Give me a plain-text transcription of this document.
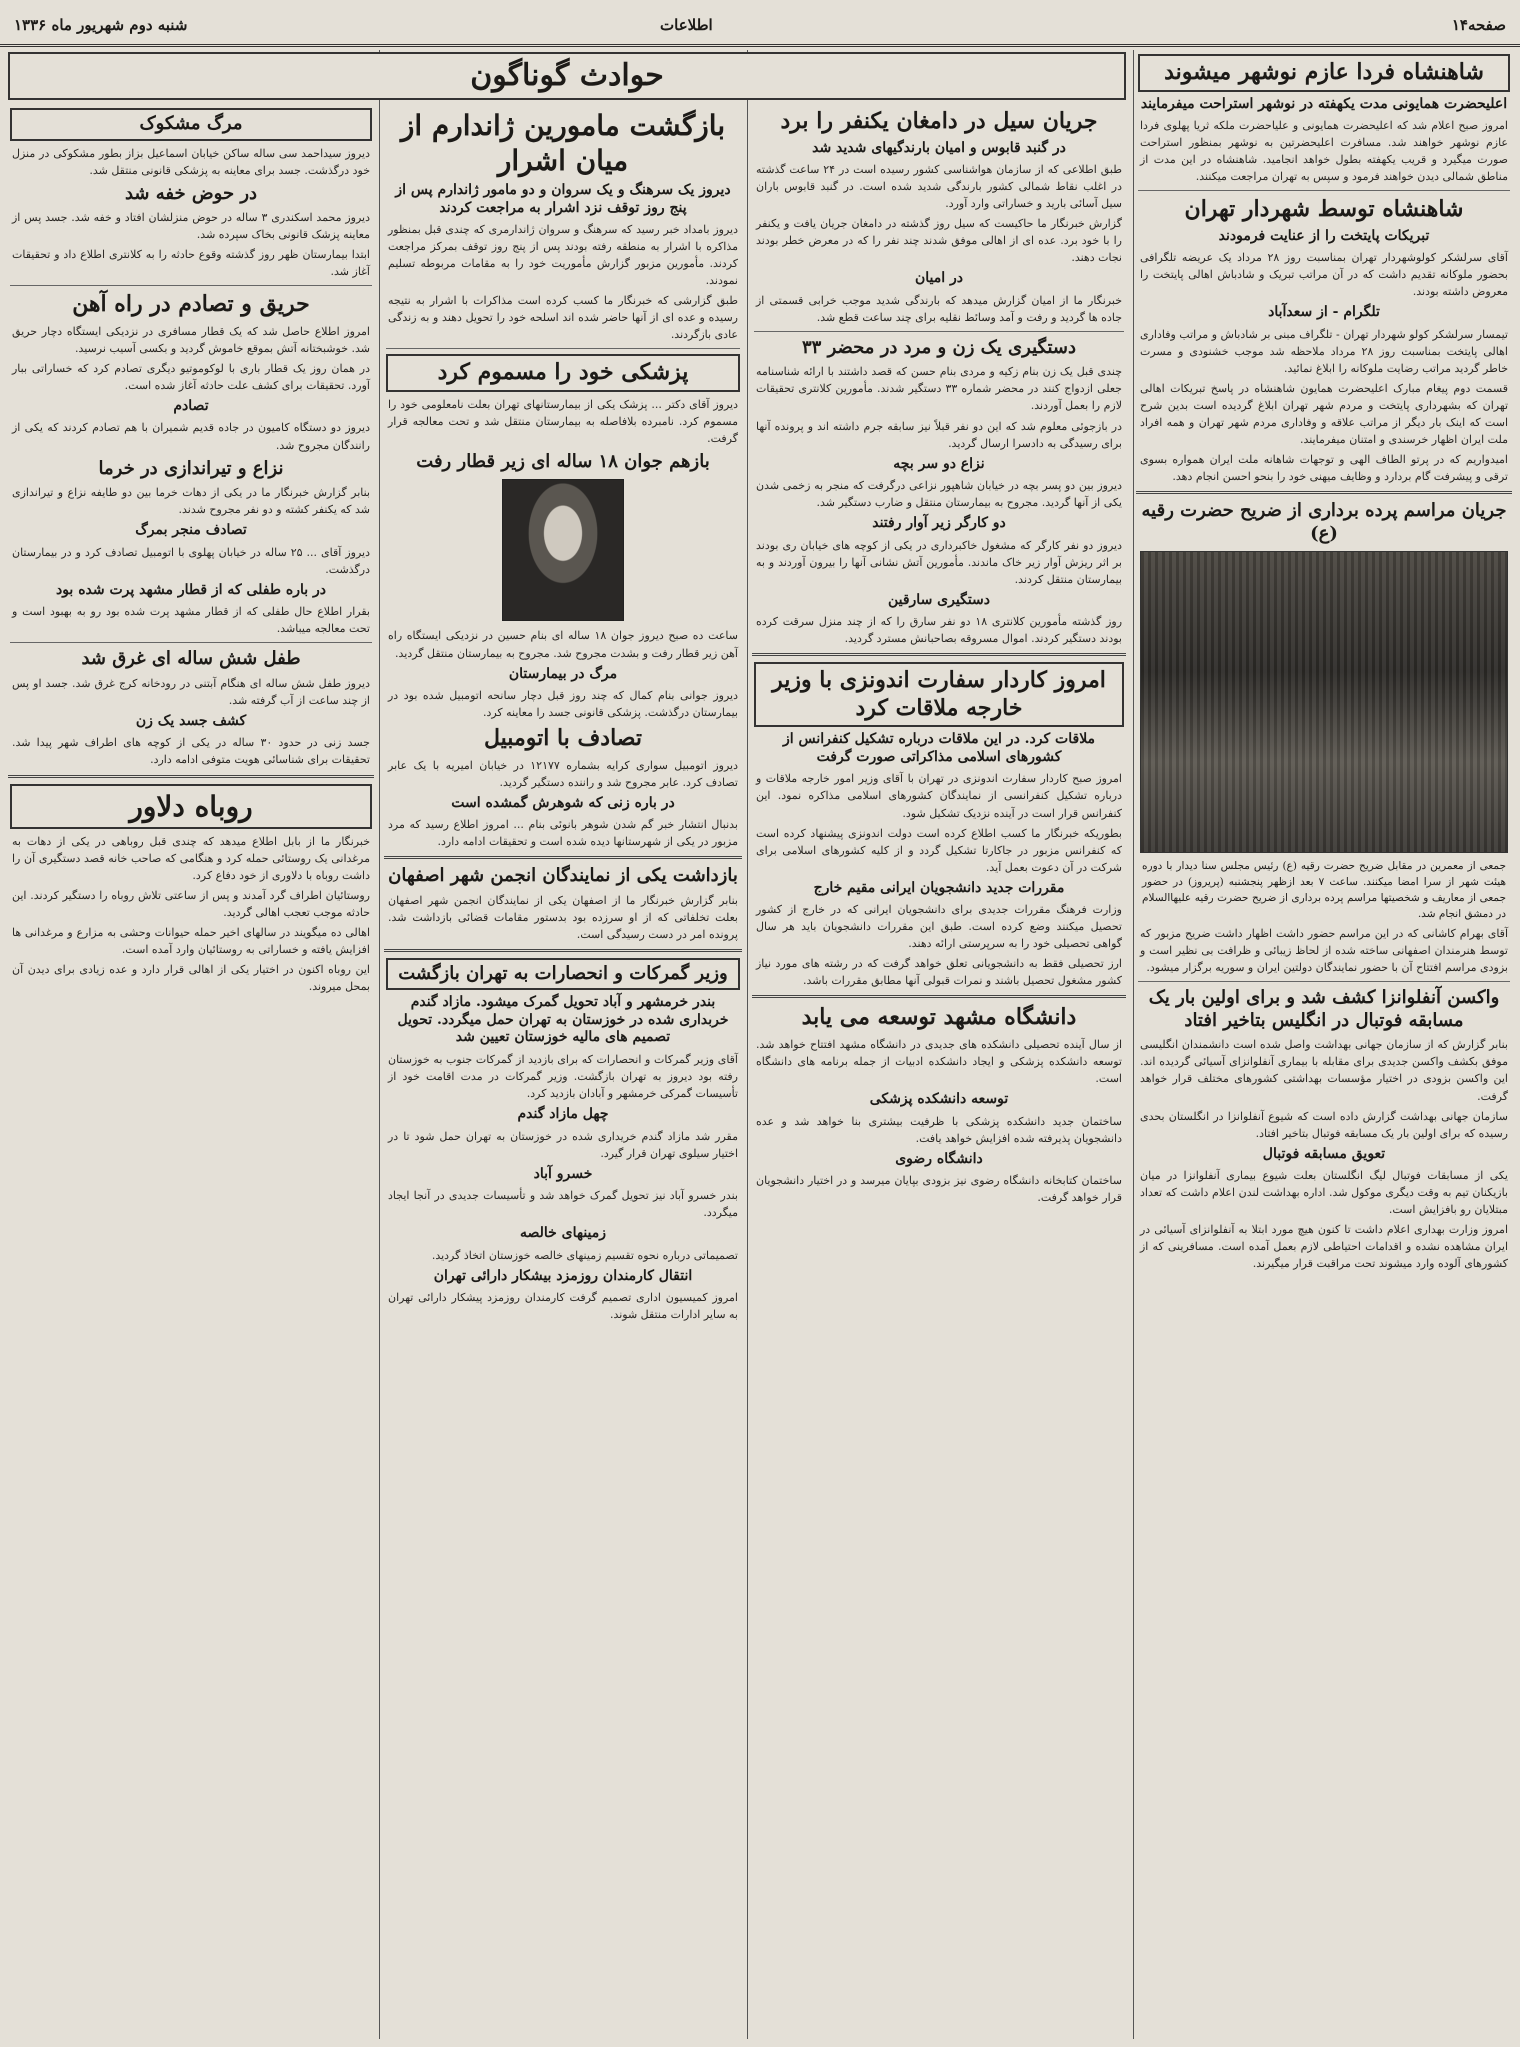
صفحه۱۴
اطلاعات
شنبه دوم شهریور ماه ۱۳۳۶
شاهنشاه فردا عازم نوشهر میشوند
اعلیحضرت همایونی مدت یکهفته در نوشهر استراحت میفرمایند
امروز صبح اعلام شد که اعلیحضرت همایونی و علیاحضرت ملکه ثریا پهلوی فردا عازم نوشهر خواهند شد. مسافرت اعلیحضرتین به نوشهر بمنظور استراحت صورت میگیرد و قریب یکهفته بطول خواهد انجامید. شاهنشاه در این مدت از مناطق شمالی دیدن خواهند فرمود و سپس به تهران مراجعت میکنند.
شاهنشاه توسط شهردار تهران
تبریکات پایتخت را از عنایت فرمودند
آقای سرلشکر کولوشهردار تهران بمناسبت روز ۲۸ مرداد یک عریضه تلگرافی بحضور ملوکانه تقدیم داشت که در آن مراتب تبریک و شادباش اهالی پایتخت را معروض داشته بودند.
تلگرام - از سعدآباد
تیمسار سرلشکر کولو شهردار تهران - تلگراف مبنی بر شادباش و مراتب وفاداری اهالی پایتخت بمناسبت روز ۲۸ مرداد ملاحظه شد موجب خشنودی و مسرت خاطر گردید مراتب رضایت ملوکانه را ابلاغ نمائید.
قسمت دوم پیغام مبارک اعلیحضرت همایون شاهنشاه در پاسخ تبریکات اهالی تهران که بشهرداری پایتخت و مردم شهر تهران ابلاغ گردیده است بدین شرح است که اینک بار دیگر از مراتب علاقه و وفاداری مردم شهر تهران و همه افراد ملت ایران اظهار خرسندی و امتنان میفرمایند.
امیدواریم که در پرتو الطاف الهی و توجهات شاهانه ملت ایران همواره بسوی ترقی و پیشرفت گام بردارد و وظایف میهنی خود را بنحو احسن انجام دهد.
جریان مراسم پرده برداری از ضریح حضرت رقیه (ع)
جمعی از معمرین در مقابل ضریح حضرت رقیه (ع) رئیس مجلس سنا دیدار با دوره هیئت شهر از سرا امضا میکنند. ساعت ۷ بعد ازظهر پنجشنبه (پریروز) در حضور جمعی از معاریف و شخصیتها مراسم پرده برداری از ضریح حضرت رقیه علیهاالسلام در دمشق انجام شد.
آقای بهرام کاشانی که در این مراسم حضور داشت اظهار داشت ضریح مزبور که توسط هنرمندان اصفهانی ساخته شده از لحاظ زیبائی و ظرافت بی نظیر است و بزودی مراسم افتتاح آن با حضور نمایندگان دولتین ایران و سوریه برگزار میشود.
واکسن آنفلوانزا کشف شد و برای اولین بار یک مسابقه فوتبال در انگلیس بتاخیر افتاد
بنابر گزارش که از سازمان جهانی بهداشت واصل شده است دانشمندان انگلیسی موفق بکشف واکسن جدیدی برای مقابله با بیماری آنفلوانزای آسیائی گردیده اند. این واکسن بزودی در اختیار مؤسسات بهداشتی کشورهای مختلف قرار خواهد گرفت.
سازمان جهانی بهداشت گزارش داده است که شیوع آنفلوانزا در انگلستان بحدی رسیده که برای اولین بار یک مسابقه فوتبال بتاخیر افتاد.
تعویق مسابقه فوتبال
یکی از مسابقات فوتبال لیگ انگلستان بعلت شیوع بیماری آنفلوانزا در میان بازیکنان تیم به وقت دیگری موکول شد. اداره بهداشت لندن اعلام داشت که تعداد مبتلایان رو بافزایش است.
امروز وزارت بهداری اعلام داشت تا کنون هیچ مورد ابتلا به آنفلوانزای آسیائی در ایران مشاهده نشده و اقدامات احتیاطی لازم بعمل آمده است. مسافرینی که از کشورهای آلوده وارد میشوند تحت مراقبت قرار میگیرند.
حوادث گوناگون
جریان سیل در دامغان یکنفر را برد
در گنبد قابوس و امیان بارندگیهای شدید شد
طبق اطلاعی که از سازمان هواشناسی کشور رسیده است در ۲۴ ساعت گذشته در اغلب نقاط شمالی کشور بارندگی شدید شده است. در گنبد قابوس باران سیل آسائی بارید و خساراتی وارد آورد.
گزارش خبرنگار ما حاکیست که سیل روز گذشته در دامغان جریان یافت و یکنفر را با خود برد. عده ای از اهالی موفق شدند چند نفر را که در معرض خطر بودند نجات دهند.
در امیان
خبرنگار ما از امیان گزارش میدهد که بارندگی شدید موجب خرابی قسمتی از جاده ها گردید و رفت و آمد وسائط نقلیه برای چند ساعت قطع شد.
دستگیری یک زن و مرد در محضر ۳۳
چندی قبل یک زن بنام زکیه و مردی بنام حسن که قصد داشتند با ارائه شناسنامه جعلی ازدواج کنند در محضر شماره ۳۳ دستگیر شدند. مأمورین کلانتری تحقیقات لازم را بعمل آوردند.
در بازجوئی معلوم شد که این دو نفر قبلاً نیز سابقه جرم داشته اند و پرونده آنها برای رسیدگی به دادسرا ارسال گردید.
نزاع دو سر بچه
دیروز بین دو پسر بچه در خیابان شاهپور نزاعی درگرفت که منجر به زخمی شدن یکی از آنها گردید. مجروح به بیمارستان منتقل و ضارب دستگیر شد.
دو کارگر زیر آوار رفتند
دیروز دو نفر کارگر که مشغول خاکبرداری در یکی از کوچه های خیابان ری بودند بر اثر ریزش آوار زیر خاک ماندند. مأمورین آتش نشانی آنها را بیرون آوردند و به بیمارستان منتقل کردند.
دستگیری سارقین
روز گذشته مأمورین کلانتری ۱۸ دو نفر سارق را که از چند منزل سرقت کرده بودند دستگیر کردند. اموال مسروقه بصاحبانش مسترد گردید.
امروز کاردار سفارت اندونزی با وزیر خارجه ملاقات کرد
ملاقات کرد. در این ملاقات درباره تشکیل کنفرانس از کشورهای اسلامی مذاکراتی صورت گرفت
امروز صبح کاردار سفارت اندونزی در تهران با آقای وزیر امور خارجه ملاقات و درباره تشکیل کنفرانسی از نمایندگان کشورهای اسلامی مذاکره نمود. این کنفرانس قرار است در آینده نزدیک تشکیل شود.
بطوریکه خبرنگار ما کسب اطلاع کرده است دولت اندونزی پیشنهاد کرده است که کنفرانس مزبور در جاکارتا تشکیل گردد و از کلیه کشورهای اسلامی برای شرکت در آن دعوت بعمل آید.
مقررات جدید دانشجویان ایرانی مقیم خارج
وزارت فرهنگ مقررات جدیدی برای دانشجویان ایرانی که در خارج از کشور تحصیل میکنند وضع کرده است. طبق این مقررات دانشجویان باید هر سال گواهی تحصیلی خود را به سرپرستی ارائه دهند.
ارز تحصیلی فقط به دانشجویانی تعلق خواهد گرفت که در رشته های مورد نیاز کشور مشغول تحصیل باشند و نمرات قبولی آنها مطابق مقررات باشد.
دانشگاه مشهد توسعه می یابد
از سال آینده تحصیلی دانشکده های جدیدی در دانشگاه مشهد افتتاح خواهد شد. توسعه دانشکده پزشکی و ایجاد دانشکده ادبیات از جمله برنامه های دانشگاه است.
توسعه دانشکده پزشکی
ساختمان جدید دانشکده پزشکی با ظرفیت بیشتری بنا خواهد شد و عده دانشجویان پذیرفته شده افزایش خواهد یافت.
دانشگاه رضوی
ساختمان کتابخانه دانشگاه رضوی نیز بزودی بپایان میرسد و در اختیار دانشجویان قرار خواهد گرفت.
بازگشت مامورین ژاندارم از میان اشرار
دیروز یک سرهنگ و یک سروان و دو مامور ژاندارم پس از پنج روز توقف نزد اشرار به مراجعت کردند
دیروز بامداد خبر رسید که سرهنگ و سروان ژاندارمری که چندی قبل بمنظور مذاکره با اشرار به منطقه رفته بودند پس از پنج روز توقف بمرکز مراجعت کردند. مأمورین مزبور گزارش مأموریت خود را به مقامات مربوطه تسلیم نمودند.
طبق گزارشی که خبرنگار ما کسب کرده است مذاکرات با اشرار به نتیجه رسیده و عده ای از آنها حاضر شده اند اسلحه خود را تحویل دهند و به زندگی عادی بازگردند.
پزشکی خود را مسموم کرد
دیروز آقای دکتر ... پزشک یکی از بیمارستانهای تهران بعلت نامعلومی خود را مسموم کرد. نامبرده بلافاصله به بیمارستان منتقل شد و تحت معالجه قرار گرفت.
بازهم جوان ۱۸ ساله ای زیر قطار رفت
ساعت ده صبح دیروز جوان ۱۸ ساله ای بنام حسین در نزدیکی ایستگاه راه آهن زیر قطار رفت و بشدت مجروح شد. مجروح به بیمارستان منتقل گردید.
مرگ در بیمارستان
دیروز جوانی بنام کمال که چند روز قبل دچار سانحه اتومبیل شده بود در بیمارستان درگذشت. پزشکی قانونی جسد را معاینه کرد.
تصادف با اتومبیل
دیروز اتومبیل سواری کرایه بشماره ۱۲۱۷۷ در خیابان امیریه با یک عابر تصادف کرد. عابر مجروح شد و راننده دستگیر گردید.
در باره زنی که شوهرش گمشده است
بدنبال انتشار خبر گم شدن شوهر بانوئی بنام ... امروز اطلاع رسید که مرد مزبور در یکی از شهرستانها دیده شده است و تحقیقات ادامه دارد.
بازداشت یکی از نمایندگان انجمن شهر اصفهان
بنابر گزارش خبرنگار ما از اصفهان یکی از نمایندگان انجمن شهر اصفهان بعلت تخلفاتی که از او سرزده بود بدستور مقامات قضائی بازداشت شد. پرونده امر در دست رسیدگی است.
وزیر گمرکات و انحصارات به تهران بازگشت
بندر خرمشهر و آباد تحویل گمرک میشود. مازاد گندم خربداری شده در خوزستان به تهران حمل میگردد. تحویل تصمیم های مالیه خوزستان تعیین شد
آقای وزیر گمرکات و انحصارات که برای بازدید از گمرکات جنوب به خوزستان رفته بود دیروز به تهران بازگشت. وزیر گمرکات در مدت اقامت خود از تأسیسات گمرکی خرمشهر و آبادان بازدید کرد.
چهل مازاد گندم
مقرر شد مازاد گندم خریداری شده در خوزستان به تهران حمل شود تا در اختیار سیلوی تهران قرار گیرد.
خسرو آباد
بندر خسرو آباد نیز تحویل گمرک خواهد شد و تأسیسات جدیدی در آنجا ایجاد میگردد.
زمینهای خالصه
تصمیماتی درباره نحوه تقسیم زمینهای خالصه خوزستان اتخاذ گردید.
انتقال کارمندان روزمزد بیشکار دارائی تهران
امروز کمیسیون اداری تصمیم گرفت کارمندان روزمزد پیشکار دارائی تهران به سایر ادارات منتقل شوند.
مرگ مشکوک
دیروز سیداحمد سی ساله ساکن خیابان اسماعیل بزاز بطور مشکوکی در منزل خود درگذشت. جسد برای معاینه به پزشکی قانونی منتقل شد.
در حوض خفه شد
دیروز محمد اسکندری ۳ ساله در حوض منزلشان افتاد و خفه شد. جسد پس از معاینه پزشک قانونی بخاک سپرده شد.
ابتدا بیمارستان ظهر روز گذشته وقوع حادثه را به کلانتری اطلاع داد و تحقیقات آغاز شد.
حریق و تصادم در راه آهن
امروز اطلاع حاصل شد که یک قطار مسافری در نزدیکی ایستگاه دچار حریق شد. خوشبختانه آتش بموقع خاموش گردید و بکسی آسیب نرسید.
در همان روز یک قطار باری با لوکوموتیو دیگری تصادم کرد که خساراتی ببار آورد. تحقیقات برای کشف علت حادثه آغاز شده است.
تصادم
دیروز دو دستگاه کامیون در جاده قدیم شمیران با هم تصادم کردند که یکی از رانندگان مجروح شد.
نزاع و تیراندازی در خرما
بنابر گزارش خبرنگار ما در یکی از دهات خرما بین دو طایفه نزاع و تیراندازی شد که یکنفر کشته و دو نفر مجروح شدند.
تصادف منجر بمرگ
دیروز آقای ... ۲۵ ساله در خیابان پهلوی با اتومبیل تصادف کرد و در بیمارستان درگذشت.
در باره طفلی که از قطار مشهد پرت شده بود
بقرار اطلاع حال طفلی که از قطار مشهد پرت شده بود رو به بهبود است و تحت معالجه میباشد.
طفل شش ساله ای غرق شد
دیروز طفل شش ساله ای هنگام آبتنی در رودخانه کرج غرق شد. جسد او پس از چند ساعت از آب گرفته شد.
کشف جسد یک زن
جسد زنی در حدود ۳۰ ساله در یکی از کوچه های اطراف شهر پیدا شد. تحقیقات برای شناسائی هویت متوفی ادامه دارد.
روباه دلاور
خبرنگار ما از بابل اطلاع میدهد که چندی قبل روباهی در یکی از دهات به مرغدانی یک روستائی حمله کرد و هنگامی که صاحب خانه قصد دستگیری آن را داشت روباه با دلاوری از خود دفاع کرد.
روستائیان اطراف گرد آمدند و پس از ساعتی تلاش روباه را دستگیر کردند. این حادثه موجب تعجب اهالی گردید.
اهالی ده میگویند در سالهای اخیر حمله حیوانات وحشی به مزارع و مرغدانی ها افزایش یافته و خساراتی به روستائیان وارد آمده است.
این روباه اکنون در اختیار یکی از اهالی قرار دارد و عده زیادی برای دیدن آن بمحل میروند.
